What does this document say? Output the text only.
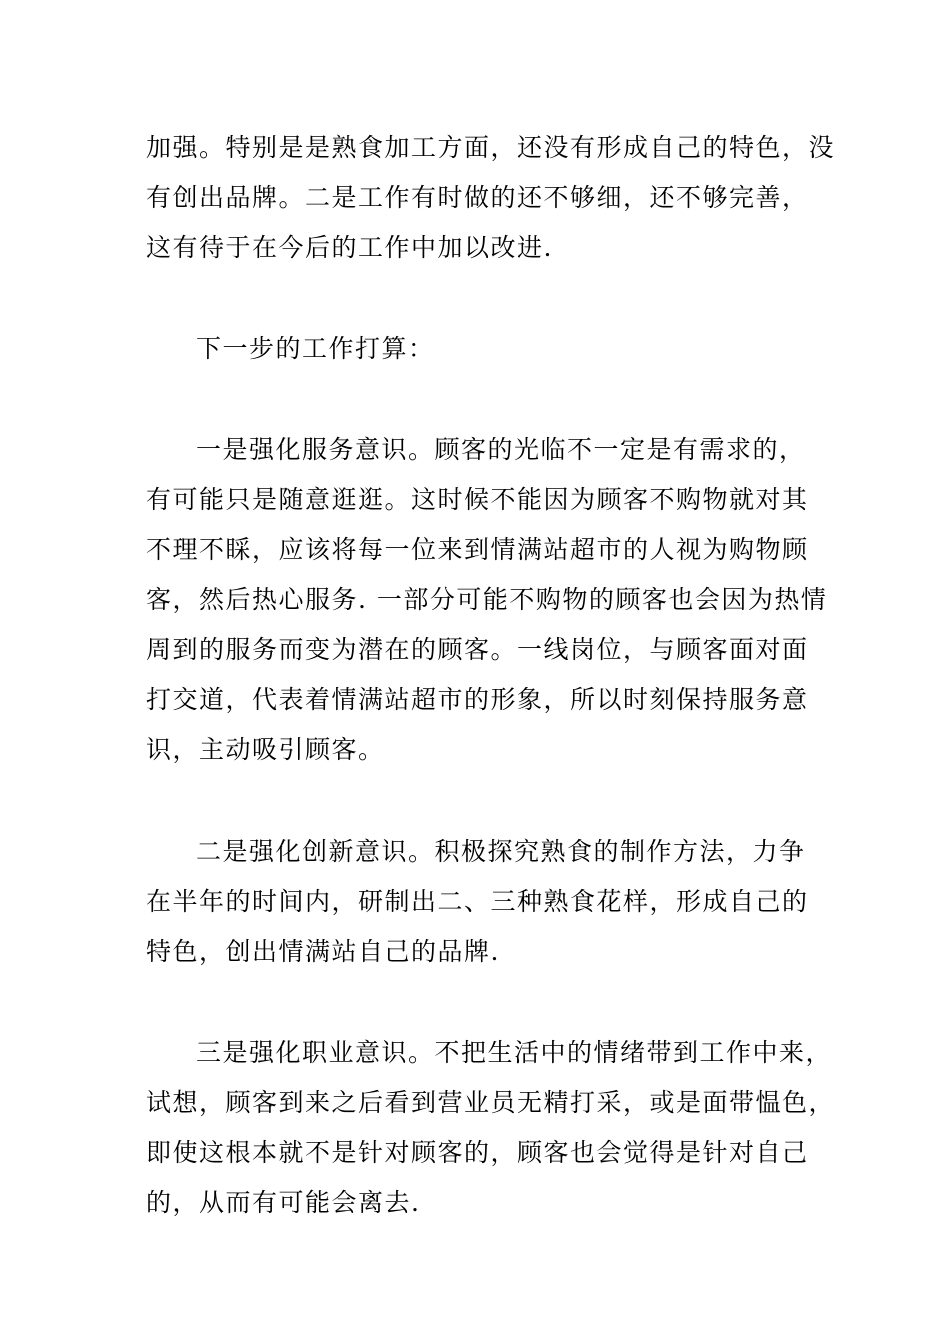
加强。特别是是熟食加工方面，还没有形成自己的特色，没
有创出品牌。二是工作有时做的还不够细，还不够完善，
这有待于在今后的工作中加以改进.
下一步的工作打算：
一是强化服务意识。顾客的光临不一定是有需求的，
有可能只是随意逛逛。这时候不能因为顾客不购物就对其
不理不睬，应该将每一位来到情满站超市的人视为购物顾
客，然后热心服务. 一部分可能不购物的顾客也会因为热情
周到的服务而变为潜在的顾客。一线岗位，与顾客面对面
打交道，代表着情满站超市的形象，所以时刻保持服务意
识，主动吸引顾客。
二是强化创新意识。积极探究熟食的制作方法，力争
在半年的时间内，研制出二、三种熟食花样，形成自己的
特色，创出情满站自己的品牌.
三是强化职业意识。不把生活中的情绪带到工作中来，
试想，顾客到来之后看到营业员无精打采，或是面带愠色，
即使这根本就不是针对顾客的，顾客也会觉得是针对自己
的，从而有可能会离去.
